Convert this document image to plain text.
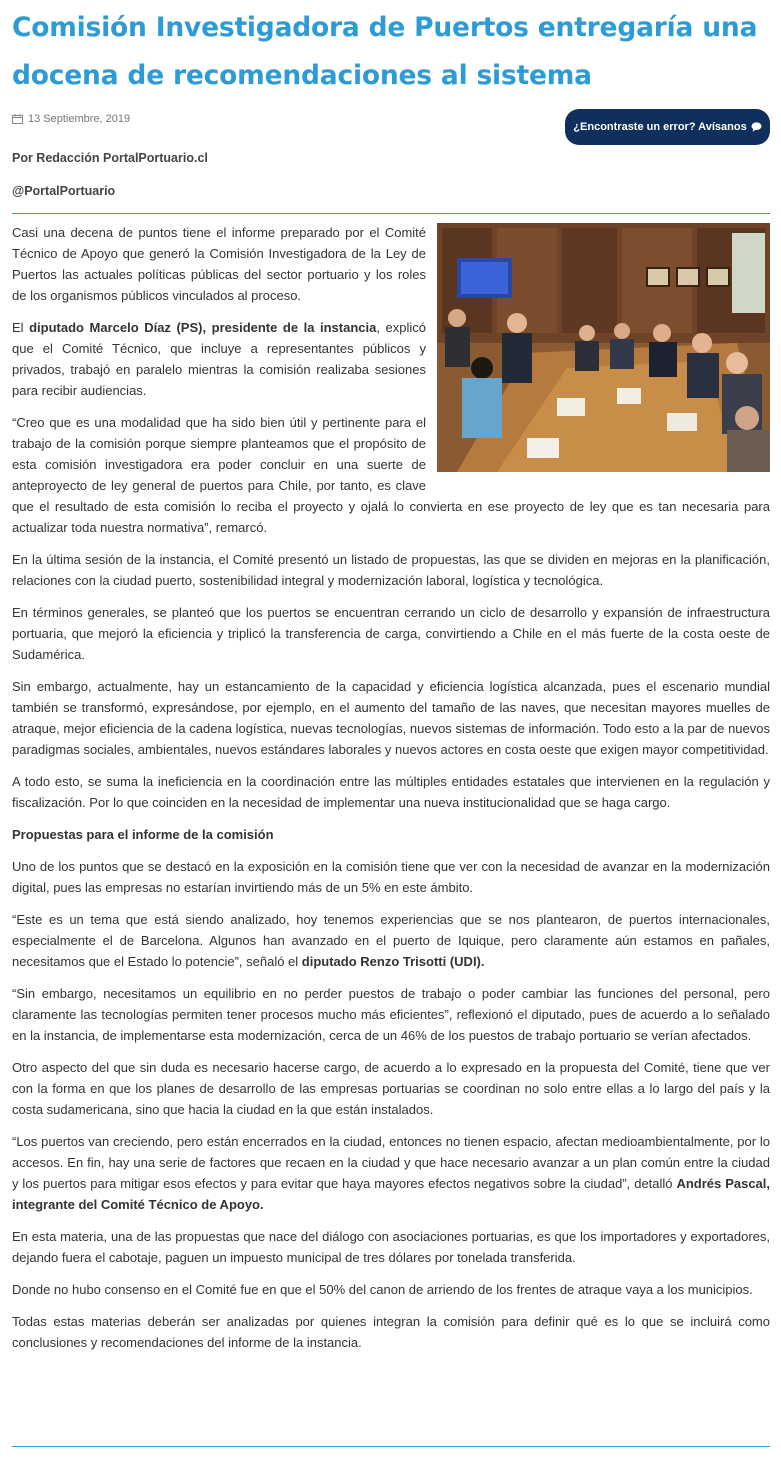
Comisión Investigadora de Puertos entregaría una docena de recomendaciones al sistema
13 Septiembre, 2019
¿Encontraste un error? Avísanos

Por Redacción PortalPortuario.cl

@PortalPortuario

Casi una decena de puntos tiene el informe preparado por el Comité Técnico de Apoyo que generó la Comisión Investigadora de la Ley de Puertos las actuales políticas públicas del sector portuario y los roles de los organismos públicos vinculados al proceso.

El diputado Marcelo Díaz (PS), presidente de la instancia, explicó que el Comité Técnico, que incluye a representantes públicos y privados, trabajó en paralelo mientras la comisión realizaba sesiones para recibir audiencias.

“Creo que es una modalidad que ha sido bien útil y pertinente para el trabajo de la comisión porque siempre planteamos que el propósito de esta comisión investigadora era poder concluir en una suerte de anteproyecto de ley general de puertos para Chile, por tanto, es clave que el resultado de esta comisión lo reciba el proyecto y ojalá lo convierta en ese proyecto de ley que es tan necesaria para actualizar toda nuestra normativa”, remarcó.

En la última sesión de la instancia, el Comité presentó un listado de propuestas, las que se dividen en mejoras en la planificación, relaciones con la ciudad puerto, sostenibilidad integral y modernización laboral, logística y tecnológica.

En términos generales, se planteó que los puertos se encuentran cerrando un ciclo de desarrollo y expansión de infraestructura portuaria, que mejoró la eficiencia y triplicó la transferencia de carga, convirtiendo a Chile en el más fuerte de la costa oeste de Sudamérica.

Sin embargo, actualmente, hay un estancamiento de la capacidad y eficiencia logística alcanzada, pues el escenario mundial también se transformó, expresándose, por ejemplo, en el aumento del tamaño de las naves, que necesitan mayores muelles de atraque, mejor eficiencia de la cadena logística, nuevas tecnologías, nuevos sistemas de información. Todo esto a la par de nuevos paradigmas sociales, ambientales, nuevos estándares laborales y nuevos actores en costa oeste que exigen mayor competitividad.

A todo esto, se suma la ineficiencia en la coordinación entre las múltiples entidades estatales que intervienen en la regulación y fiscalización. Por lo que coinciden en la necesidad de implementar una nueva institucionalidad que se haga cargo.

Propuestas para el informe de la comisión

Uno de los puntos que se destacó en la exposición en la comisión tiene que ver con la necesidad de avanzar en la modernización digital, pues las empresas no estarían invirtiendo más de un 5% en este ámbito.

“Este es un tema que está siendo analizado, hoy tenemos experiencias que se nos plantearon, de puertos internacionales, especialmente el de Barcelona. Algunos han avanzado en el puerto de Iquique, pero claramente aún estamos en pañales, necesitamos que el Estado lo potencie”, señaló el diputado Renzo Trisotti (UDI).

“Sin embargo, necesitamos un equilibrio en no perder puestos de trabajo o poder cambiar las funciones del personal, pero claramente las tecnologías permiten tener procesos mucho más eficientes”, reflexionó el diputado, pues de acuerdo a lo señalado en la instancia, de implementarse esta modernización, cerca de un 46% de los puestos de trabajo portuario se verían afectados.

Otro aspecto del que sin duda es necesario hacerse cargo, de acuerdo a lo expresado en la propuesta del Comité, tiene que ver con la forma en que los planes de desarrollo de las empresas portuarias se coordinan no solo entre ellas a lo largo del país y la costa sudamericana, sino que hacia la ciudad en la que están instalados.

“Los puertos van creciendo, pero están encerrados en la ciudad, entonces no tienen espacio, afectan medioambientalmente, por lo accesos. En fin, hay una serie de factores que recaen en la ciudad y que hace necesario avanzar a un plan común entre la ciudad y los puertos para mitigar esos efectos y para evitar que haya mayores efectos negativos sobre la ciudad”, detalló Andrés Pascal, integrante del Comité Técnico de Apoyo.

En esta materia, una de las propuestas que nace del diálogo con asociaciones portuarias, es que los importadores y exportadores, dejando fuera el cabotaje, paguen un impuesto municipal de tres dólares por tonelada transferida.

Donde no hubo consenso en el Comité fue en que el 50% del canon de arriendo de los frentes de atraque vaya a los municipios.

Todas estas materias deberán ser analizadas por quienes integran la comisión para definir qué es lo que se incluirá como conclusiones y recomendaciones del informe de la instancia.
